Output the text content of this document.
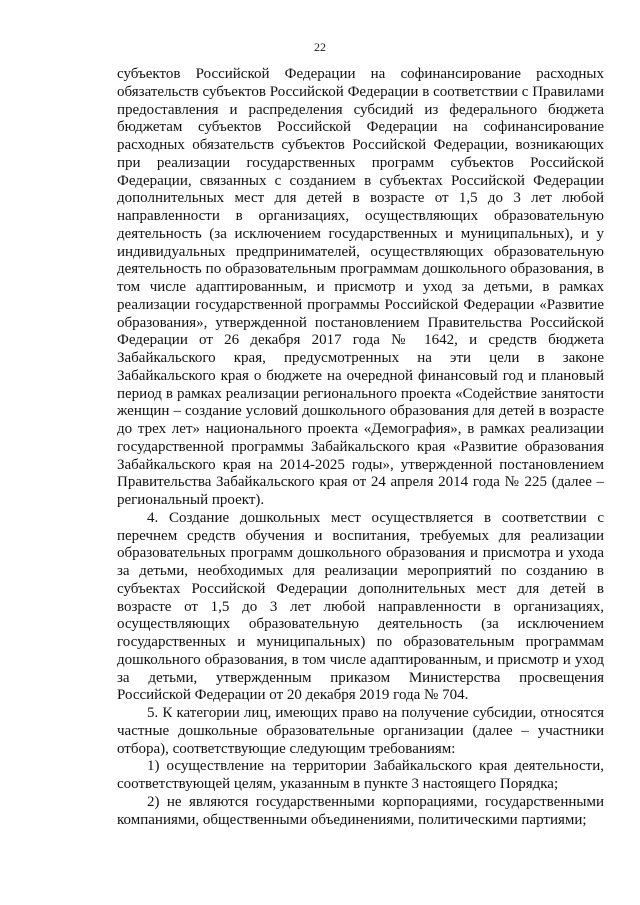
22

субъектов Российской Федерации на софинансирование расходных обязательств субъектов Российской Федерации в соответствии с Правилами предоставления и распределения субсидий из федерального бюджета бюджетам субъектов Российской Федерации на софинансирование расходных обязательств субъектов Российской Федерации, возникающих при реализации государственных программ субъектов Российской Федерации, связанных с созданием в субъектах Российской Федерации дополнительных мест для детей в возрасте от 1,5 до 3 лет любой направленности в организациях, осуществляющих образовательную деятельность (за исключением государственных и муниципальных), и у индивидуальных предпринимателей, осуществляющих образовательную деятельность по образовательным программам дошкольного образования, в том числе адаптированным, и присмотр и уход за детьми, в рамках реализации государственной программы Российской Федерации «Развитие образования», утвержденной постановлением Правительства Российской Федерации от 26 декабря 2017 года № 1642, и средств бюджета Забайкальского края, предусмотренных на эти цели в законе Забайкальского края о бюджете на очередной финансовый год и плановый период в рамках реализации регионального проекта «Содействие занятости женщин – создание условий дошкольного образования для детей в возрасте до трех лет» национального проекта «Демография», в рамках реализации государственной программы Забайкальского края «Развитие образования Забайкальского края на 2014-2025 годы», утвержденной постановлением Правительства Забайкальского края от 24 апреля 2014 года № 225 (далее – региональный проект).

4. Создание дошкольных мест осуществляется в соответствии с перечнем средств обучения и воспитания, требуемых для реализации образовательных программ дошкольного образования и присмотра и ухода за детьми, необходимых для реализации мероприятий по созданию в субъектах Российской Федерации дополнительных мест для детей в возрасте от 1,5 до 3 лет любой направленности в организациях, осуществляющих образовательную деятельность (за исключением государственных и муниципальных) по образовательным программам дошкольного образования, в том числе адаптированным, и присмотр и уход за детьми, утвержденным приказом Министерства просвещения Российской Федерации от 20 декабря 2019 года № 704.

5. К категории лиц, имеющих право на получение субсидии, относятся частные дошкольные образовательные организации (далее – участники отбора), соответствующие следующим требованиям:

1) осуществление на территории Забайкальского края деятельности, соответствующей целям, указанным в пункте 3 настоящего Порядка;

2) не являются государственными корпорациями, государственными компаниями, общественными объединениями, политическими партиями;
